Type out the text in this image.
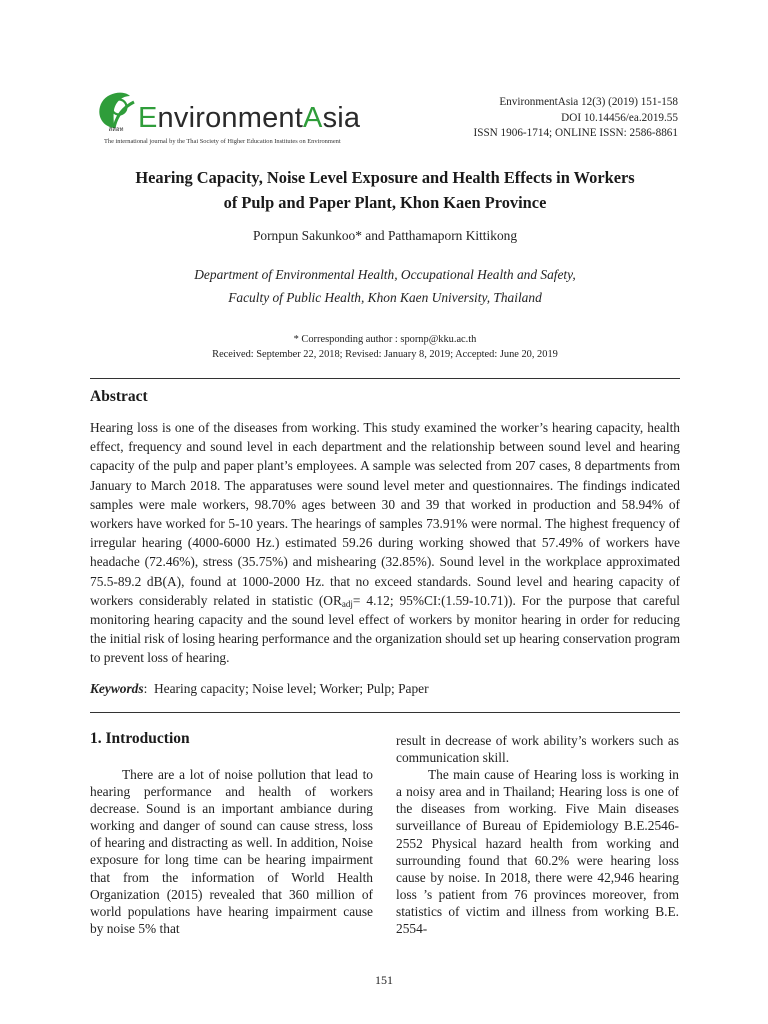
สสอท EnvironmentAsia
The international journal by the Thai Society of Higher Education Institutes on Environment
EnvironmentAsia 12(3) (2019) 151-158
DOI 10.14456/ea.2019.55
ISSN 1906-1714; ONLINE ISSN: 2586-8861
Hearing Capacity, Noise Level Exposure and Health Effects in Workers
of Pulp and Paper Plant, Khon Kaen Province
Pornpun Sakunkoo* and Patthamaporn Kittikong
Department of Environmental Health, Occupational Health and Safety,
Faculty of Public Health, Khon Kaen University, Thailand
* Corresponding author : spornp@kku.ac.th
Received: September 22, 2018; Revised: January 8, 2019; Accepted: June 20, 2019
Abstract

Hearing loss is one of the diseases from working. This study examined the worker’s hearing capacity, health effect, frequency and sound level in each department and the relationship between sound level and hearing capacity of the pulp and paper plant’s employees. A sample was selected from 207 cases, 8 departments from January to March 2018. The apparatuses were sound level meter and questionnaires. The findings indicated samples were male workers, 98.70% ages between 30 and 39 that worked in production and 58.94% of workers have worked for 5-10 years. The hearings of samples 73.91% were normal. The highest frequency of irregular hearing (4000-6000 Hz.) estimated 59.26 during working showed that 57.49% of workers have headache (72.46%), stress (35.75%) and mishearing (32.85%). Sound level in the workplace approximated 75.5-89.2 dB(A), found at 1000-2000 Hz. that no exceed standards. Sound level and hearing capacity of workers considerably related in statistic ($OR_{adj}= 4.12$; 95%CI:(1.59-10.71)). For the purpose that careful monitoring hearing capacity and the sound level effect of workers by monitor hearing in order for reducing the initial risk of losing hearing performance and the organization should set up hearing conservation program to prevent loss of hearing.

Keywords:  Hearing capacity; Noise level; Worker; Pulp; Paper
1. Introduction

There are a lot of noise pollution that lead to hearing performance and health of workers decrease. Sound is an important ambiance during working and danger of sound can cause stress, loss of hearing and distracting as well. In addition, Noise exposure for long time can be hearing impairment that from the information of World Health Organization (2015) revealed that 360 million of world populations have hearing impairment cause by noise 5% that

result in decrease of work ability’s workers such as communication skill.

The main cause of Hearing loss is working in a noisy area and in Thailand; Hearing loss is one of the diseases from working. Five Main diseases surveillance of Bureau of Epidemiology B.E.2546-2552 Physical hazard health from working and surrounding found that 60.2% were hearing loss cause by noise. In 2018, there were 42,946 hearing loss ’s patient from 76 provinces moreover, from statistics of victim and illness from working B.E. 2554-

151
